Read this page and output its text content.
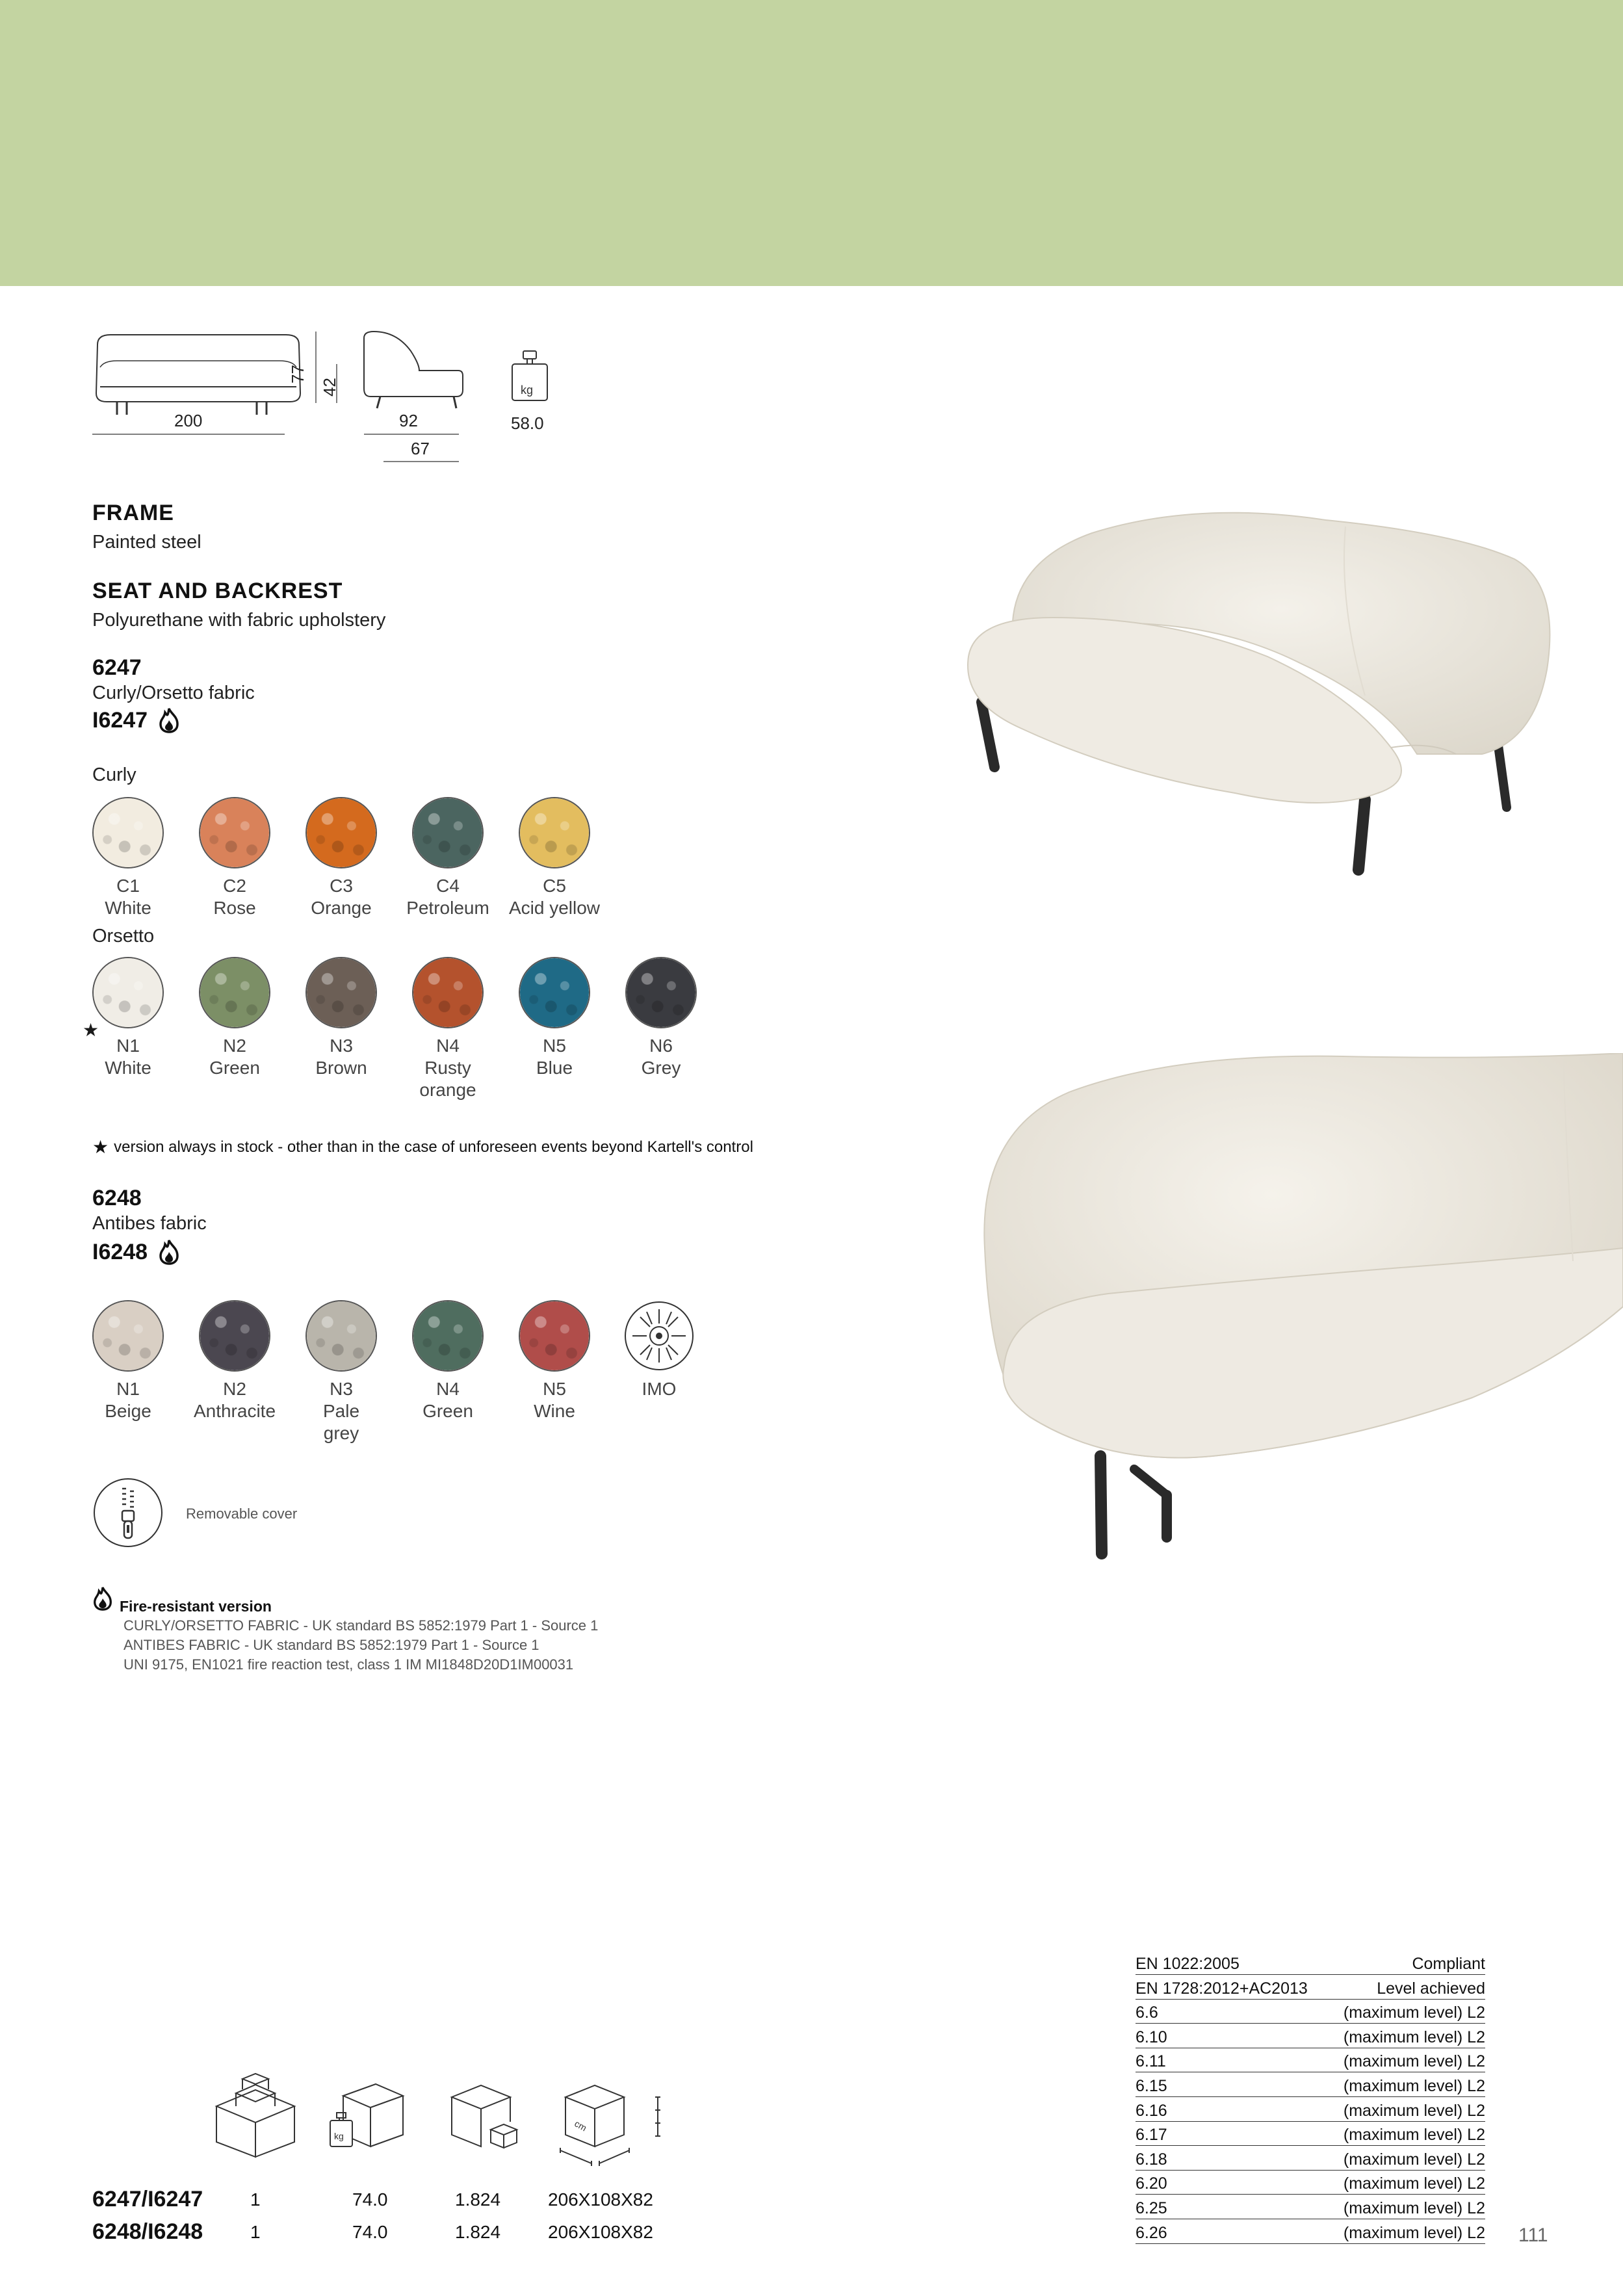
200
77
42
92
67
kg
58.0
FRAME
Painted steel
SEAT AND BACKREST
Polyurethane with fabric upholstery
6247
Curly/Orsetto fabric
I6247
Curly
C1
White
C2
Rose
C3
Orange
C4
Petroleum
C5
Acid yellow
Orsetto
★
N1
White
N2
Green
N3
Brown
N4
Rusty
orange
N5
Blue
N6
Grey
★ version always in stock - other than in the case of unforeseen events beyond Kartell's control
6248
Antibes fabric
I6248
N1
Beige
N2
Anthracite
N3
Pale
grey
N4
Green
N5
Wine
IMO
Removable cover
Fire-resistant version
CURLY/ORSETTO FABRIC - UK standard BS 5852:1979 Part 1 - Source 1
ANTIBES FABRIC - UK standard BS 5852:1979 Part 1 - Source 1
UNI 9175, EN1021 fire reaction test, class 1 IM MI1848D20D1IM00031
kg
cm
6247/I6247	1	74.0	1.824	206X108X82
6248/I6248	1	74.0	1.824	206X108X82
EN 1022:2005	Compliant
EN 1728:2012+AC2013	Level achieved
6.6	(maximum level) L2
6.10	(maximum level) L2
6.11	(maximum level) L2
6.15	(maximum level) L2
6.16	(maximum level) L2
6.17	(maximum level) L2
6.18	(maximum level) L2
6.20	(maximum level) L2
6.25	(maximum level) L2
6.26	(maximum level) L2 111
